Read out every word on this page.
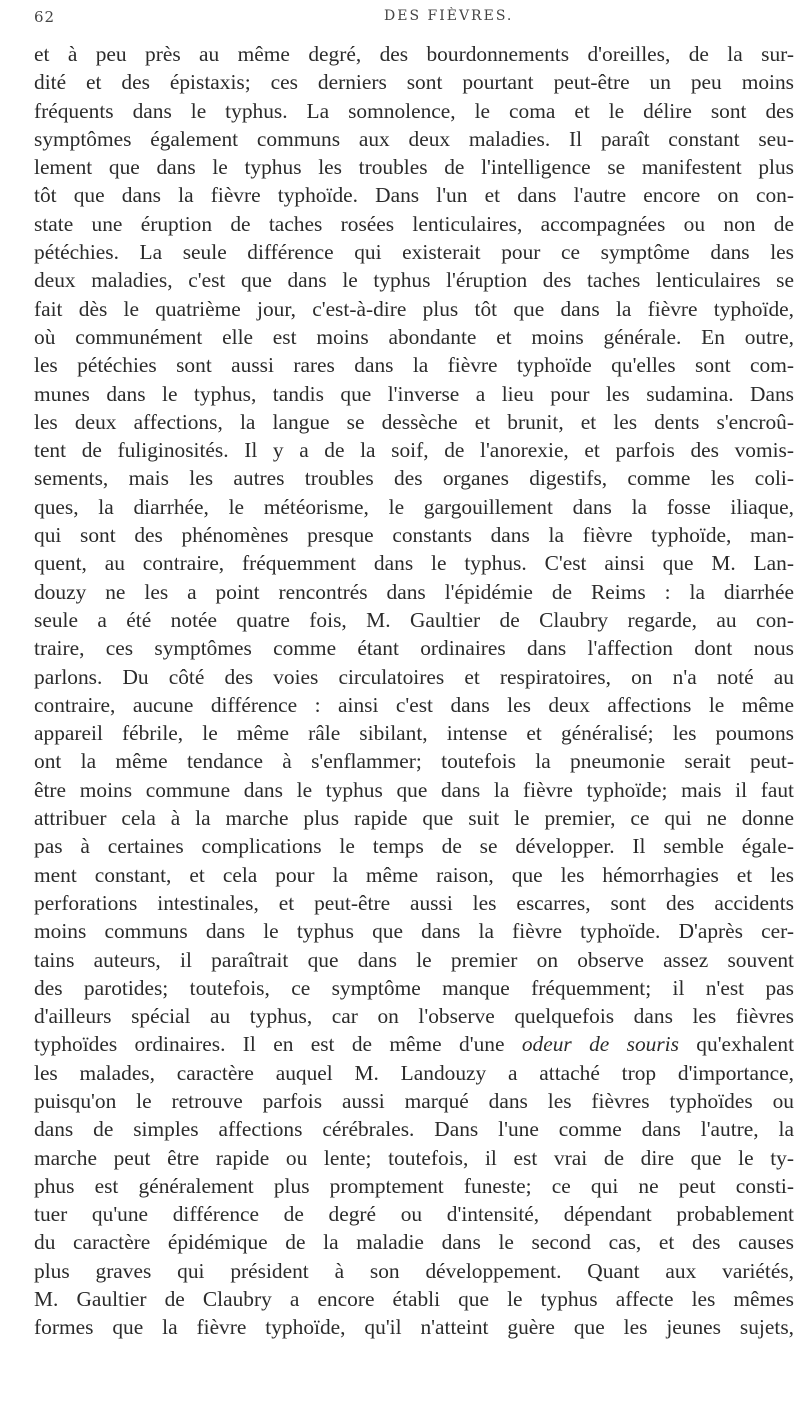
62	DES FIÈVRES.
et à peu près au même degré, des bourdonnements d'oreilles, de la sur-
dité et des épistaxis; ces derniers sont pourtant peut-être un peu moins
fréquents dans le typhus. La somnolence, le coma et le délire sont des
symptômes également communs aux deux maladies. Il paraît constant seu-
lement que dans le typhus les troubles de l'intelligence se manifestent plus
tôt que dans la fièvre typhoïde. Dans l'un et dans l'autre encore on con-
state une éruption de taches rosées lenticulaires, accompagnées ou non de
pétéchies. La seule différence qui existerait pour ce symptôme dans les
deux maladies, c'est que dans le typhus l'éruption des taches lenticulaires se
fait dès le quatrième jour, c'est-à-dire plus tôt que dans la fièvre typhoïde,
où communément elle est moins abondante et moins générale. En outre,
les pétéchies sont aussi rares dans la fièvre typhoïde qu'elles sont com-
munes dans le typhus, tandis que l'inverse a lieu pour les sudamina. Dans
les deux affections, la langue se dessèche et brunit, et les dents s'encroû-
tent de fuliginosités. Il y a de la soif, de l'anorexie, et parfois des vomis-
sements, mais les autres troubles des organes digestifs, comme les coli-
ques, la diarrhée, le météorisme, le gargouillement dans la fosse iliaque,
qui sont des phénomènes presque constants dans la fièvre typhoïde, man-
quent, au contraire, fréquemment dans le typhus. C'est ainsi que M. Lan-
douzy ne les a point rencontrés dans l'épidémie de Reims : la diarrhée
seule a été notée quatre fois, M. Gaultier de Claubry regarde, au con-
traire, ces symptômes comme étant ordinaires dans l'affection dont nous
parlons. Du côté des voies circulatoires et respiratoires, on n'a noté au
contraire, aucune différence : ainsi c'est dans les deux affections le même
appareil fébrile, le même râle sibilant, intense et généralisé; les poumons
ont la même tendance à s'enflammer; toutefois la pneumonie serait peut-
être moins commune dans le typhus que dans la fièvre typhoïde; mais il faut
attribuer cela à la marche plus rapide que suit le premier, ce qui ne donne
pas à certaines complications le temps de se développer. Il semble égale-
ment constant, et cela pour la même raison, que les hémorrhagies et les
perforations intestinales, et peut-être aussi les escarres, sont des accidents
moins communs dans le typhus que dans la fièvre typhoïde. D'après cer-
tains auteurs, il paraîtrait que dans le premier on observe assez souvent
des parotides; toutefois, ce symptôme manque fréquemment; il n'est pas
d'ailleurs spécial au typhus, car on l'observe quelquefois dans les fièvres
typhoïdes ordinaires. Il en est de même d'une odeur de souris qu'exhalent
les malades, caractère auquel M. Landouzy a attaché trop d'importance,
puisqu'on le retrouve parfois aussi marqué dans les fièvres typhoïdes ou
dans de simples affections cérébrales. Dans l'une comme dans l'autre, la
marche peut être rapide ou lente; toutefois, il est vrai de dire que le ty-
phus est généralement plus promptement funeste; ce qui ne peut consti-
tuer qu'une différence de degré ou d'intensité, dépendant probablement
du caractère épidémique de la maladie dans le second cas, et des causes
plus graves qui président à son développement. Quant aux variétés,
M. Gaultier de Claubry a encore établi que le typhus affecte les mêmes
formes que la fièvre typhoïde, qu'il n'atteint guère que les jeunes sujets,
